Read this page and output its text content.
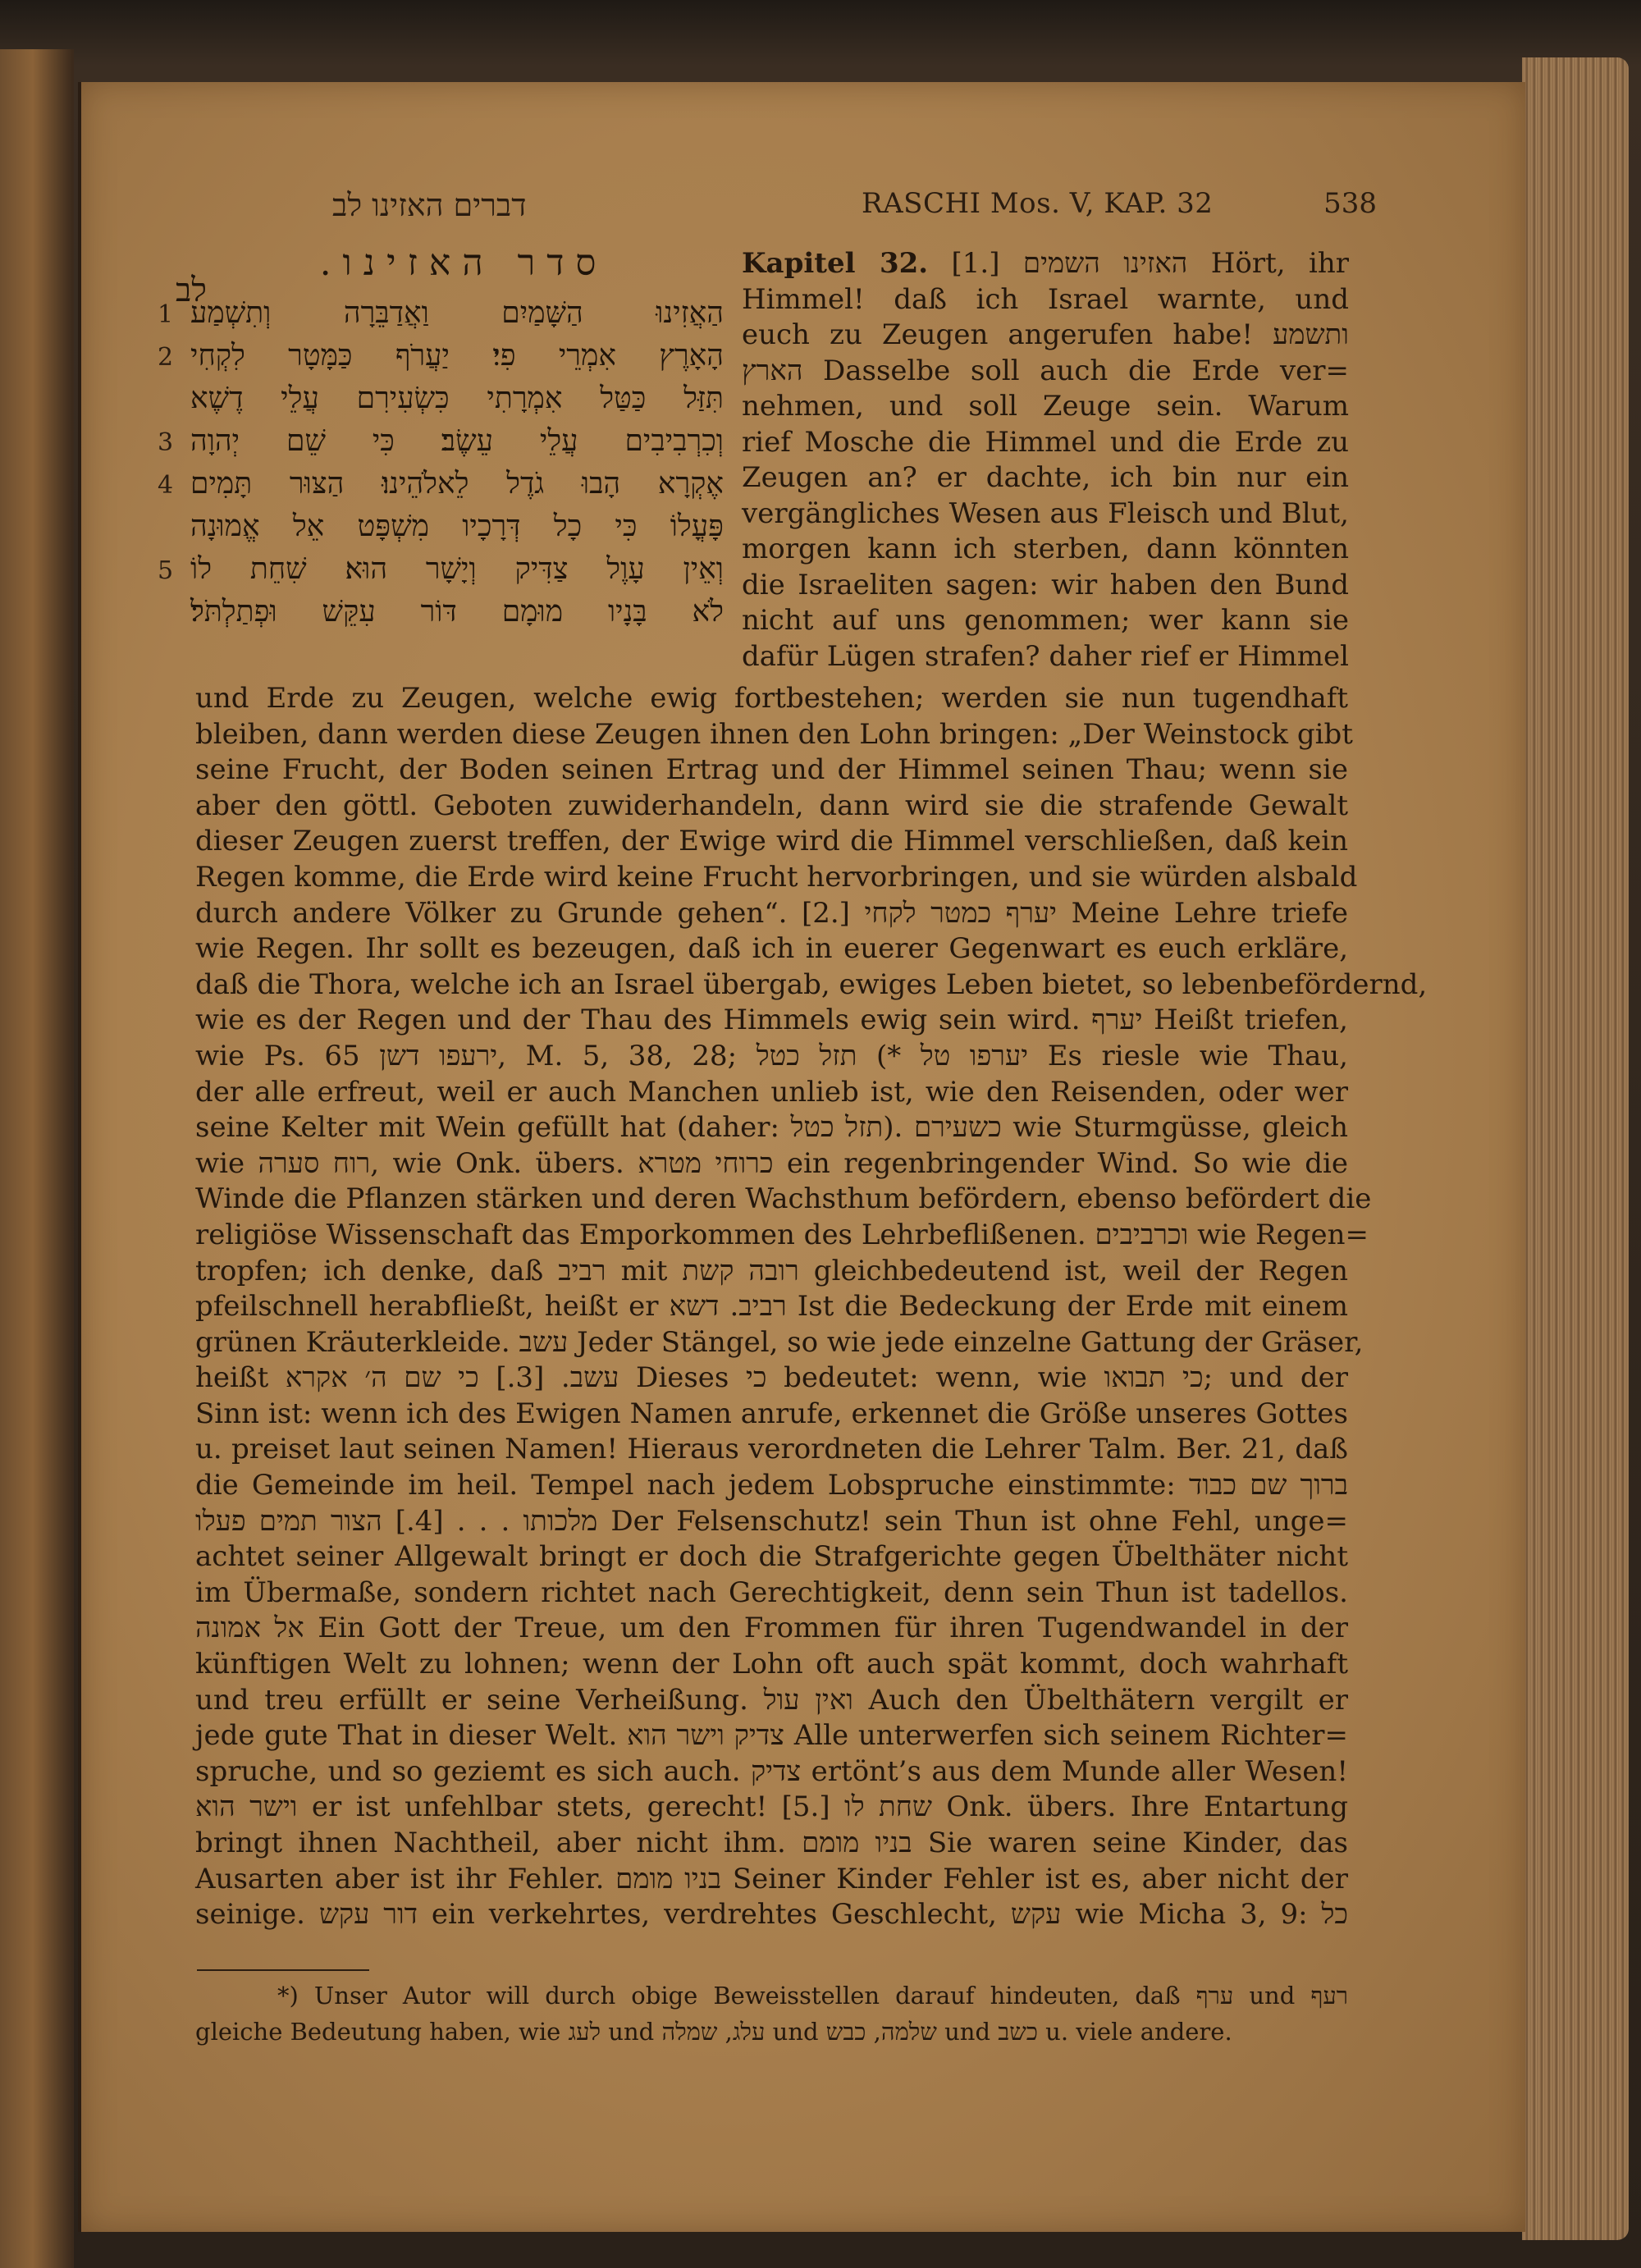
דברים האזינו לב	RASCHI Mos. V, KAP. 32	538
סדר האזינו.
לב
1 הַאֲזִינוּ הַשָּׁמַיִם וַאֲדַבֵּרָה וְתִשְׁמַע
2 הָאָרֶץ אִמְרֵי פִי׃ יַעֲרֹף כַּמָּטָר לִקְחִי
תִּזַּל כַּטַּל אִמְרָתִי כִּשְׂעִירִם עֲלֵי דֶשֶׁא
3 וְכִרְבִיבִים עֲלֵי עֵשֶׂב׃ כִּי שֵׁם יְהוָה
4 אֶקְרָא הָבוּ גֹדֶל לֵאלֹהֵינוּ׃ הַצּוּר תָּמִים
פָּעֳלוֹ כִּי כָל דְּרָכָיו מִשְׁפָּט אֵל אֱמוּנָה
5 וְאֵין עָוֶל צַדִּיק וְיָשָׁר הוּא׃ שִׁחֵת לוֹ
לֹא בָּנָיו מוּמָם דּוֹר עִקֵּשׁ וּפְתַלְתֹּל׃
Kapitel 32. [1.] האזינו השמים Hört, ihr
Himmel! daß ich Israel warnte, und
euch zu Zeugen angerufen habe! ותשמע
הארץ Dasselbe soll auch die Erde ver=
nehmen, und soll Zeuge sein. Warum
rief Mosche die Himmel und die Erde zu
Zeugen an? er dachte, ich bin nur ein
vergängliches Wesen aus Fleisch und Blut,
morgen kann ich sterben, dann könnten
die Israeliten sagen: wir haben den Bund
nicht auf uns genommen; wer kann sie
dafür Lügen strafen? daher rief er Himmel
und Erde zu Zeugen, welche ewig fortbestehen; werden sie nun tugendhaft
bleiben, dann werden diese Zeugen ihnen den Lohn bringen: „Der Weinstock gibt
seine Frucht, der Boden seinen Ertrag und der Himmel seinen Thau; wenn sie
aber den göttl. Geboten zuwiderhandeln, dann wird sie die strafende Gewalt
dieser Zeugen zuerst treffen, der Ewige wird die Himmel verschließen, daß kein
Regen komme, die Erde wird keine Frucht hervorbringen, und sie würden alsbald
durch andere Völker zu Grunde gehen“. [2.] יערף כמטר לקחי Meine Lehre triefe
wie Regen. Ihr sollt es bezeugen, daß ich in euerer Gegenwart es euch erkläre,
daß die Thora, welche ich an Israel übergab, ewiges Leben bietet, so lebenbefördernd,
wie es der Regen und der Thau des Himmels ewig sein wird. יערף Heißt triefen,
wie Ps. 65 ירעפו דשן, M. 5, 38, 28; יערפו טל *) תזל כטל Es riesle wie Thau,
der alle erfreut, weil er auch Manchen unlieb ist, wie den Reisenden, oder wer
seine Kelter mit Wein gefüllt hat (daher: תזל כטל). כשעירם wie Sturmgüsse, gleich
wie רוח סערה, wie Onk. übers. כרוחי מטרא ein regenbringender Wind. So wie die
Winde die Pflanzen stärken und deren Wachsthum befördern, ebenso befördert die
religiöse Wissenschaft das Emporkommen des Lehrbeflißenen. וכרביבים wie Regen=
tropfen; ich denke, daß רביב mit רובה קשת gleichbedeutend ist, weil der Regen
pfeilschnell herabfließt, heißt er רביב. דשא Ist die Bedeckung der Erde mit einem
grünen Kräuterkleide. עשב Jeder Stängel, so wie jede einzelne Gattung der Gräser,
heißt עשב. [3.] כי שם ה׳ אקרא Dieses כי bedeutet: wenn, wie כי תבואו; und der
Sinn ist: wenn ich des Ewigen Namen anrufe, erkennet die Größe unseres Gottes
u. preiset laut seinen Namen! Hieraus verordneten die Lehrer Talm. Ber. 21, daß
die Gemeinde im heil. Tempel nach jedem Lobspruche einstimmte: ברוך שם כבוד
מלכותו . . . [4.] הצור תמים פעלו Der Felsenschutz! sein Thun ist ohne Fehl, unge=
achtet seiner Allgewalt bringt er doch die Strafgerichte gegen Übelthäter nicht
im Übermaße, sondern richtet nach Gerechtigkeit, denn sein Thun ist tadellos.
אל אמונה Ein Gott der Treue, um den Frommen für ihren Tugendwandel in der
künftigen Welt zu lohnen; wenn der Lohn oft auch spät kommt, doch wahrhaft
und treu erfüllt er seine Verheißung. ואין עול Auch den Übelthätern vergilt er
jede gute That in dieser Welt. צדיק וישר הוא Alle unterwerfen sich seinem Richter=
spruche, und so geziemt es sich auch. צדיק ertönt’s aus dem Munde aller Wesen!
וישר הוא er ist unfehlbar stets, gerecht! [5.] שחת לו Onk. übers. Ihre Entartung
bringt ihnen Nachtheil, aber nicht ihm. בניו מומם Sie waren seine Kinder, das
Ausarten aber ist ihr Fehler. בניו מומם Seiner Kinder Fehler ist es, aber nicht der
seinige. דור עקש ein verkehrtes, verdrehtes Geschlecht, עקש wie Micha 3, 9: כל
*) Unser Autor will durch obige Beweisstellen darauf hindeuten, daß ערף und רעף
gleiche Bedeutung haben, wie לעג und עלג, שמלה und שלמה, כבש und כשב u. viele andere.
